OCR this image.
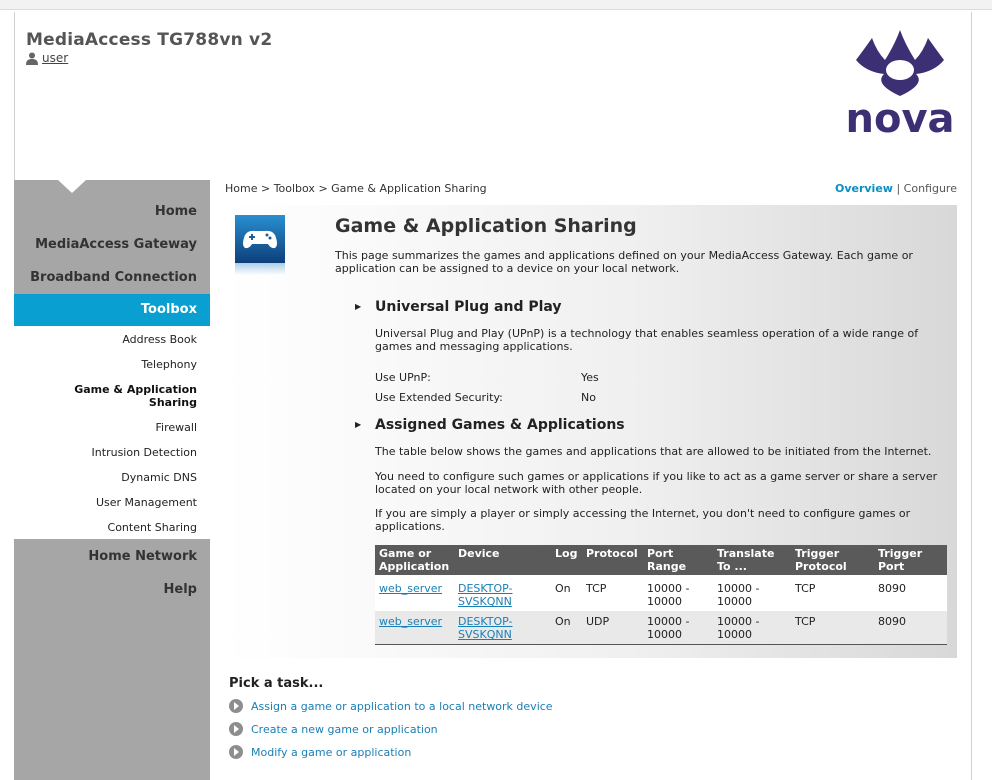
MediaAccess TG788vn v2
user
nova
Home
MediaAccess Gateway
Broadband Connection
Toolbox
Address Book
Telephony
Game & Application Sharing
Firewall
Intrusion Detection
Dynamic DNS
User Management
Content Sharing
Home Network
Help
Home > Toolbox > Game & Application Sharing	Overview | Configure
Game & Application Sharing
This page summarizes the games and applications defined on your MediaAccess Gateway. Each game or application can be assigned to a device on your local network.
▶ Universal Plug and Play
Universal Plug and Play (UPnP) is a technology that enables seamless operation of a wide range of games and messaging applications.
Use UPnP:	Yes
Use Extended Security:	No
▶ Assigned Games & Applications
The table below shows the games and applications that are allowed to be initiated from the Internet.
You need to configure such games or applications if you like to act as a game server or share a server located on your local network with other people.
If you are simply a player or simply accessing the Internet, you don't need to configure games or applications.
Game or Application	Device	Log	Protocol	Port Range	Translate To ...	Trigger Protocol	Trigger Port
web_server	DESKTOP-SVSKQNN	On	TCP	10000 - 10000	10000 - 10000	TCP	8090
web_server	DESKTOP-SVSKQNN	On	UDP	10000 - 10000	10000 - 10000	TCP	8090
Pick a task...
Assign a game or application to a local network device
Create a new game or application
Modify a game or application
